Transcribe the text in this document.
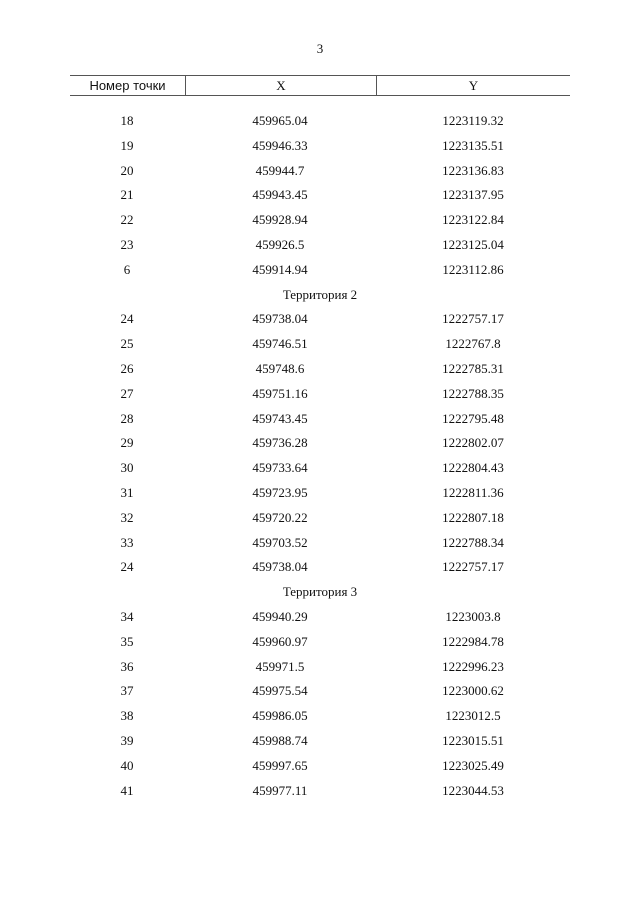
3
Номер точки	X	Y
18	459965.04	1223119.32
19	459946.33	1223135.51
20	459944.7	1223136.83
21	459943.45	1223137.95
22	459928.94	1223122.84
23	459926.5	1223125.04
6	459914.94	1223112.86
Территория 2
24	459738.04	1222757.17
25	459746.51	1222767.8
26	459748.6	1222785.31
27	459751.16	1222788.35
28	459743.45	1222795.48
29	459736.28	1222802.07
30	459733.64	1222804.43
31	459723.95	1222811.36
32	459720.22	1222807.18
33	459703.52	1222788.34
24	459738.04	1222757.17
Территория 3
34	459940.29	1223003.8
35	459960.97	1222984.78
36	459971.5	1222996.23
37	459975.54	1223000.62
38	459986.05	1223012.5
39	459988.74	1223015.51
40	459997.65	1223025.49
41	459977.11	1223044.53
